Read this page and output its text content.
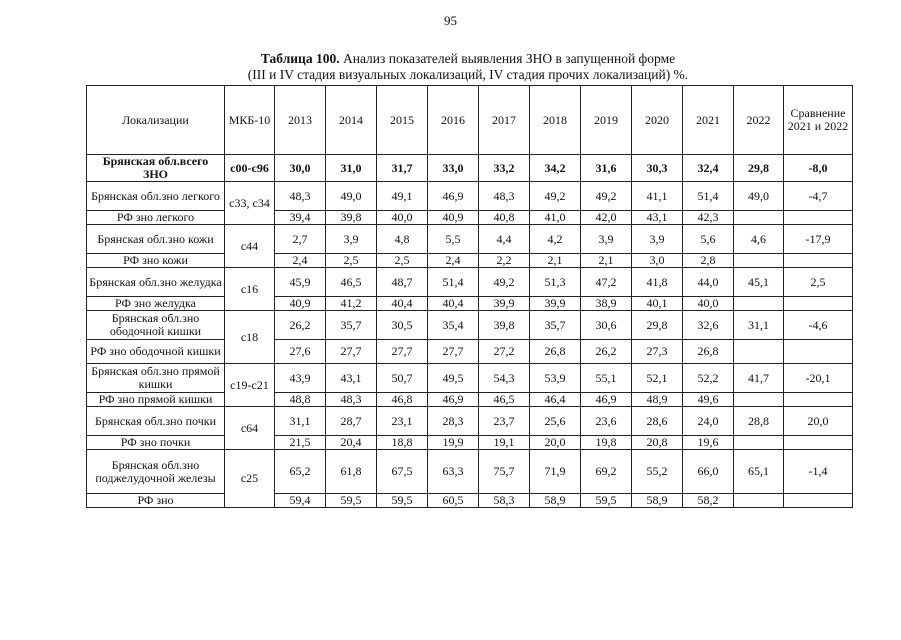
95
Таблица 100. Анализ показателей выявления ЗНО в запущенной форме
(III и IV стадия визуальных локализаций, IV стадия прочих локализаций) %.
Локализации	МКБ-10	2013	2014	2015	2016	2017	2018	2019	2020	2021	2022	Сравнение 2021 и 2022
Брянская обл.всего ЗНО	с00-с96	30,0	31,0	31,7	33,0	33,2	34,2	31,6	30,3	32,4	29,8	-8,0
Брянская обл.зно легкого	с33, с34	48,3	49,0	49,1	46,9	48,3	49,2	49,2	41,1	51,4	49,0	-4,7
РФ зно легкого		39,4	39,8	40,0	40,9	40,8	41,0	42,0	43,1	42,3		
Брянская обл.зно кожи	с44	2,7	3,9	4,8	5,5	4,4	4,2	3,9	3,9	5,6	4,6	-17,9
РФ зно кожи		2,4	2,5	2,5	2,4	2,2	2,1	2,1	3,0	2,8		
Брянская обл.зно желудка	с16	45,9	46,5	48,7	51,4	49,2	51,3	47,2	41,8	44,0	45,1	2,5
РФ зно желудка		40,9	41,2	40,4	40,4	39,9	39,9	38,9	40,1	40,0		
Брянская обл.зно ободочной кишки	с18	26,2	35,7	30,5	35,4	39,8	35,7	30,6	29,8	32,6	31,1	-4,6
РФ зно ободочной кишки		27,6	27,7	27,7	27,7	27,2	26,8	26,2	27,3	26,8		
Брянская обл.зно прямой кишки	с19-с21	43,9	43,1	50,7	49,5	54,3	53,9	55,1	52,1	52,2	41,7	-20,1
РФ зно прямой кишки		48,8	48,3	46,8	46,9	46,5	46,4	46,9	48,9	49,6		
Брянская обл.зно почки	с64	31,1	28,7	23,1	28,3	23,7	25,6	23,6	28,6	24,0	28,8	20,0
РФ зно почки		21,5	20,4	18,8	19,9	19,1	20,0	19,8	20,8	19,6		
Брянская обл.зно поджелудочной железы	с25	65,2	61,8	67,5	63,3	75,7	71,9	69,2	55,2	66,0	65,1	-1,4
РФ зно		59,4	59,5	59,5	60,5	58,3	58,9	59,5	58,9	58,2		
